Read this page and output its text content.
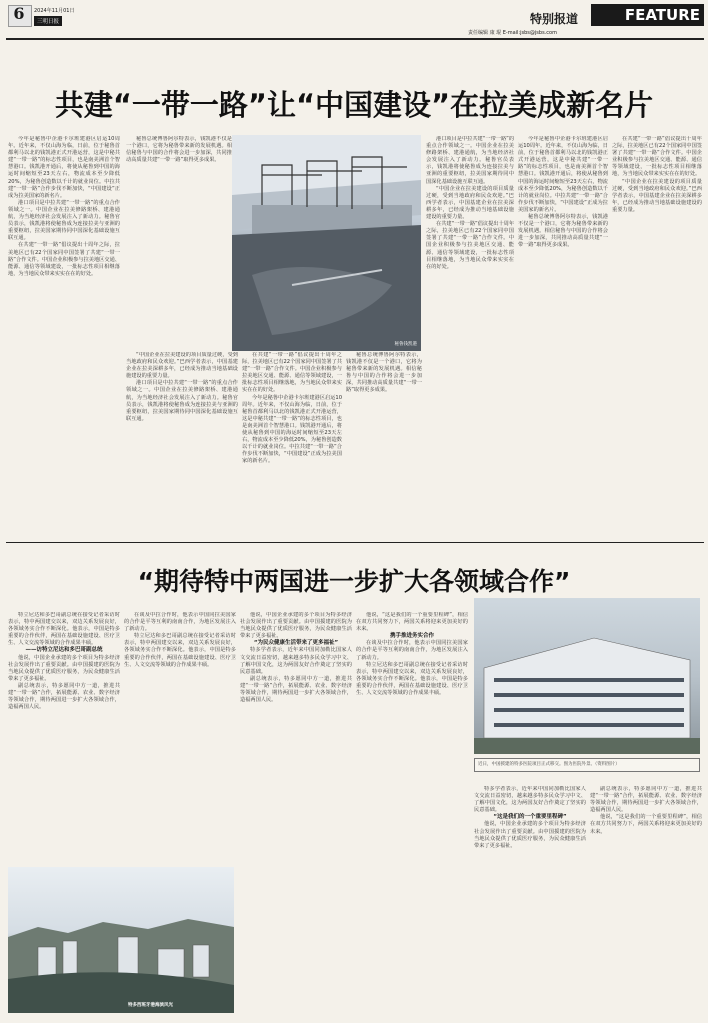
6	2024年11月01日
三明日报	特别报道	FEATURE
责任编辑 康 琨 E-mail:jsbs@jsbs.com
共建“一带一路”让“中国建设”在拉美成新名片

今年是秘鲁中企港卡尔班建港区启运10周年。近年来，不仅山海为临，日前，位于秘鲁首都利马以北的钱凯港正式开港运营，这是中秘共建“一带一路”的标志性项目，也是南美洲首个智慧港口。钱凯港开通后，将使从秘鲁到中国的海运时间缩短至23天左右，物流成本至少降低20%，为秘鲁创造数以千计的就业岗位。中拉共建“一带一路”合作步伐不断加快，“中国建设”正成为拉美国家的新名片。

港口项目是中拉共建“一带一路”的重点合作领域之一。中国企业在拉美修路架桥、建港通航，为当地经济社会发展注入了新动力。秘鲁官员表示，钱凯港将使秘鲁成为连接拉美与亚洲的重要枢纽，拉美国家期待同中国深化基础设施互联互通。

在共建“一带一路”倡议提出十周年之际，拉美地区已有22个国家同中国签署了共建“一带一路”合作文件。中国企业积极参与拉美地区交通、能源、通信等领域建设，一批标志性项目相继落地，为当地民众带来实实在在的好处。

秘鲁总统博鲁阿尔特表示，钱凯港不仅是一个港口，它将为秘鲁带来新的发展机遇。相信秘鲁与中国的合作将会进一步加深，共同推动高质量共建“一带一路”取得更多成果。

秘鲁钱凯港

“中国企业在拉美建设的项目质量过硬，受到当地政府和民众欢迎。”巴西学者表示，中国基建企业在拉美深耕多年，已经成为推动当地基础设施建设的重要力量。

港口项目是中拉共建“一带一路”的重点合作领域之一。中国企业在拉美修路架桥、建港通航，为当地经济社会发展注入了新动力。秘鲁官员表示，钱凯港将使秘鲁成为连接拉美与亚洲的重要枢纽，拉美国家期待同中国深化基础设施互联互通。

在共建“一带一路”倡议提出十周年之际，拉美地区已有22个国家同中国签署了共建“一带一路”合作文件。中国企业积极参与拉美地区交通、能源、通信等领域建设，一批标志性项目相继落地，为当地民众带来实实在在的好处。

今年是秘鲁中企港卡尔班建港区启运10周年。近年来，不仅山海为临，日前，位于秘鲁首都利马以北的钱凯港正式开港运营，这是中秘共建“一带一路”的标志性项目，也是南美洲首个智慧港口。钱凯港开通后，将使从秘鲁到中国的海运时间缩短至23天左右，物流成本至少降低20%，为秘鲁创造数以千计的就业岗位。中拉共建“一带一路”合作步伐不断加快，“中国建设”正成为拉美国家的新名片。

秘鲁总统博鲁阿尔特表示，钱凯港不仅是一个港口，它将为秘鲁带来新的发展机遇。相信秘鲁与中国的合作将会进一步加深，共同推动高质量共建“一带一路”取得更多成果。

港口项目是中拉共建“一带一路”的重点合作领域之一。中国企业在拉美修路架桥、建港通航，为当地经济社会发展注入了新动力。秘鲁官员表示，钱凯港将使秘鲁成为连接拉美与亚洲的重要枢纽，拉美国家期待同中国深化基础设施互联互通。

“中国企业在拉美建设的项目质量过硬，受到当地政府和民众欢迎。”巴西学者表示，中国基建企业在拉美深耕多年，已经成为推动当地基础设施建设的重要力量。

在共建“一带一路”倡议提出十周年之际，拉美地区已有22个国家同中国签署了共建“一带一路”合作文件。中国企业积极参与拉美地区交通、能源、通信等领域建设，一批标志性项目相继落地，为当地民众带来实实在在的好处。

今年是秘鲁中企港卡尔班建港区启运10周年。近年来，不仅山海为临，日前，位于秘鲁首都利马以北的钱凯港正式开港运营，这是中秘共建“一带一路”的标志性项目，也是南美洲首个智慧港口。钱凯港开通后，将使从秘鲁到中国的海运时间缩短至23天左右，物流成本至少降低20%，为秘鲁创造数以千计的就业岗位。中拉共建“一带一路”合作步伐不断加快，“中国建设”正成为拉美国家的新名片。

秘鲁总统博鲁阿尔特表示，钱凯港不仅是一个港口，它将为秘鲁带来新的发展机遇。相信秘鲁与中国的合作将会进一步加深，共同推动高质量共建“一带一路”取得更多成果。

在共建“一带一路”倡议提出十周年之际，拉美地区已有22个国家同中国签署了共建“一带一路”合作文件。中国企业积极参与拉美地区交通、能源、通信等领域建设，一批标志性项目相继落地，为当地民众带来实实在在的好处。

“中国企业在拉美建设的项目质量过硬，受到当地政府和民众欢迎。”巴西学者表示，中国基建企业在拉美深耕多年，已经成为推动当地基础设施建设的重要力量。

“期待特中两国进一步扩大各领域合作”

特立尼达和多巴哥副总统在接受记者采访时表示，特中两国建交以来，双边关系发展良好，各领域务实合作不断深化。他表示，中国是特多重要的合作伙伴，两国在基础设施建设、医疗卫生、人文交流等领域的合作成果丰硕。

——访特立尼达和多巴哥副总统

他说，中国企业承建的多个项目为特多经济社会发展作出了重要贡献。由中国援建的医院为当地民众提供了优质医疗服务，为民众健康生活带来了更多福祉。

副总统表示，特多愿同中方一道，推进共建“一带一路”合作，拓展能源、农业、数字经济等领域合作，期待两国进一步扩大各领域合作，造福两国人民。

特多西班牙港海滨风光

在谈及中拉合作时，他表示中国同拉美国家的合作是平等互利的南南合作，为地区发展注入了新动力。

特立尼达和多巴哥副总统在接受记者采访时表示，特中两国建交以来，双边关系发展良好，各领域务实合作不断深化。他表示，中国是特多重要的合作伙伴，两国在基础设施建设、医疗卫生、人文交流等领域的合作成果丰硕。

他说，中国企业承建的多个项目为特多经济社会发展作出了重要贡献。由中国援建的医院为当地民众提供了优质医疗服务，为民众健康生活带来了更多福祉。

“为民众健康生活带来了更多福祉”

特多学者表示，近年来中国同加勒比国家人文交流日益密切，越来越多特多民众学习中文、了解中国文化，这为两国友好合作奠定了坚实的民意基础。

副总统表示，特多愿同中方一道，推进共建“一带一路”合作，拓展能源、农业、数字经济等领域合作，期待两国进一步扩大各领域合作，造福两国人民。

他说，“这是我们的一个重要里程碑”，相信在双方共同努力下，两国关系将迎来更加美好的未来。

携手推进务实合作

在谈及中拉合作时，他表示中国同拉美国家的合作是平等互利的南南合作，为地区发展注入了新动力。

特立尼达和多巴哥副总统在接受记者采访时表示，特中两国建交以来，双边关系发展良好，各领域务实合作不断深化。他表示，中国是特多重要的合作伙伴，两国在基础设施建设、医疗卫生、人文交流等领域的合作成果丰硕。

近日，中国援建的特多医院项目正式移交。图为医院外景。（资料图片）

特多学者表示，近年来中国同加勒比国家人文交流日益密切，越来越多特多民众学习中文、了解中国文化，这为两国友好合作奠定了坚实的民意基础。

“这是我们的一个重要里程碑”

他说，中国企业承建的多个项目为特多经济社会发展作出了重要贡献。由中国援建的医院为当地民众提供了优质医疗服务，为民众健康生活带来了更多福祉。

副总统表示，特多愿同中方一道，推进共建“一带一路”合作，拓展能源、农业、数字经济等领域合作，期待两国进一步扩大各领域合作，造福两国人民。

他说，“这是我们的一个重要里程碑”，相信在双方共同努力下，两国关系将迎来更加美好的未来。
